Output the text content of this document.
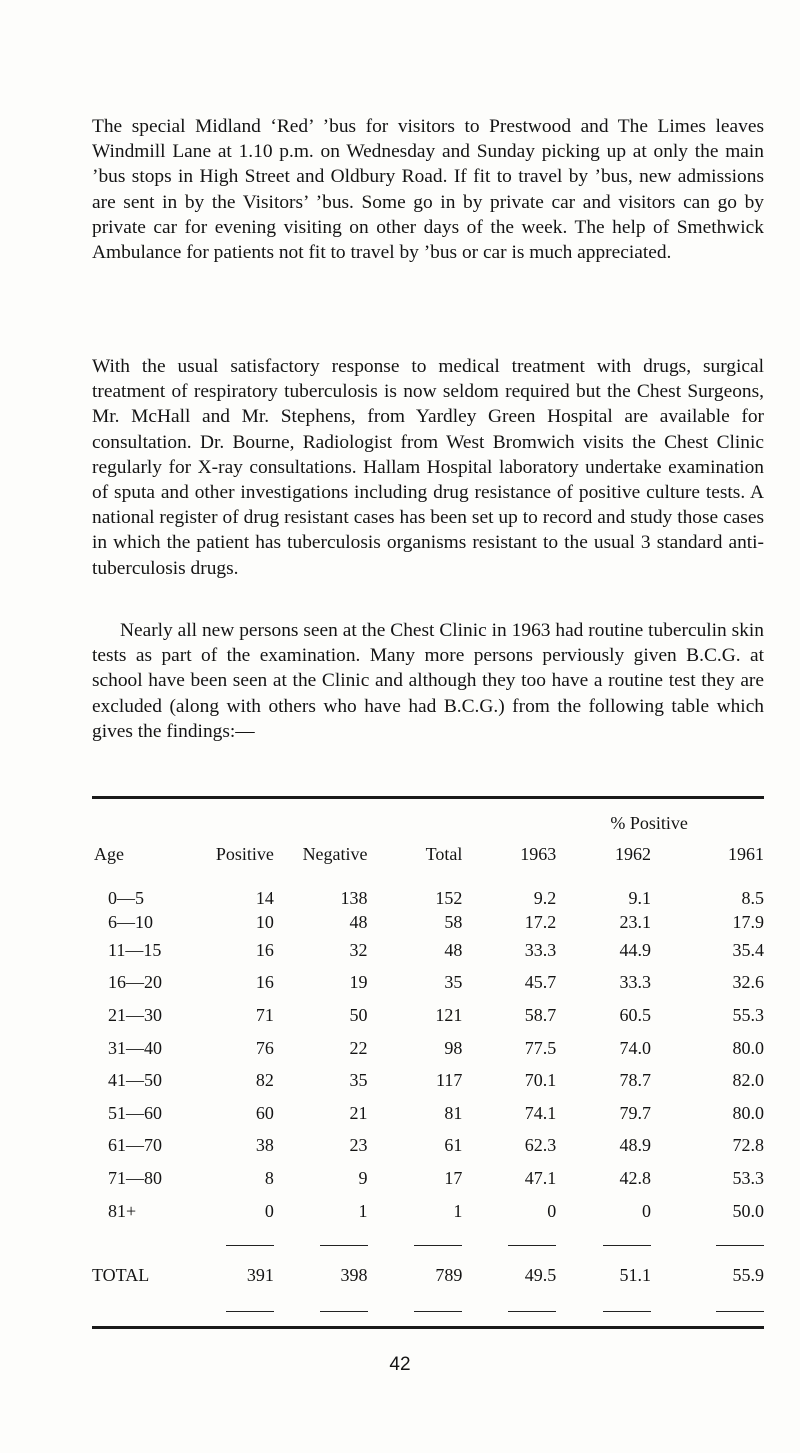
The special Midland ‘Red’ ’bus for visitors to Prestwood and The Limes leaves Windmill Lane at 1.10 p.m. on Wednesday and Sunday picking up at only the main ’bus stops in High Street and Oldbury Road. If fit to travel by ’bus, new admissions are sent in by the Visitors’ ’bus. Some go in by private car and visitors can go by private car for evening visiting on other days of the week. The help of Smethwick Ambulance for patients not fit to travel by ’bus or car is much appreciated.

With the usual satisfactory response to medical treatment with drugs, surgical treatment of respiratory tuberculosis is now seldom required but the Chest Surgeons, Mr. McHall and Mr. Stephens, from Yardley Green Hospital are available for consultation. Dr. Bourne, Radiologist from West Bromwich visits the Chest Clinic regularly for X-ray consultations. Hallam Hospital laboratory undertake examination of sputa and other investigations including drug resistance of positive culture tests. A national register of drug resistant cases has been set up to record and study those cases in which the patient has tuberculosis organisms resistant to the usual 3 standard anti-tuberculosis drugs.

Nearly all new persons seen at the Chest Clinic in 1963 had routine tuberculin skin tests as part of the examination. Many more persons perviously given B.C.G. at school have been seen at the Clinic and although they too have a routine test they are excluded (along with others who have had B.C.G.) from the following table which gives the findings:—

				% Positive		
Age	Positive	Negative	Total	1963	1962	1961

0—5	14	138	152	9.2	9.1	8.5
6—10	10	48	58	17.2	23.1	17.9
11—15	16	32	48	33.3	44.9	35.4
16—20	16	19	35	45.7	33.3	32.6
21—30	71	50	121	58.7	60.5	55.3
31—40	76	22	98	77.5	74.0	80.0
41—50	82	35	117	70.1	78.7	82.0
51—60	60	21	81	74.1	79.7	80.0
61—70	38	23	61	62.3	48.9	72.8
71—80	8	9	17	47.1	42.8	53.3
81+	0	1	1	0	0	50.0

TOTAL	391	398	789	49.5	51.1	55.9

42
